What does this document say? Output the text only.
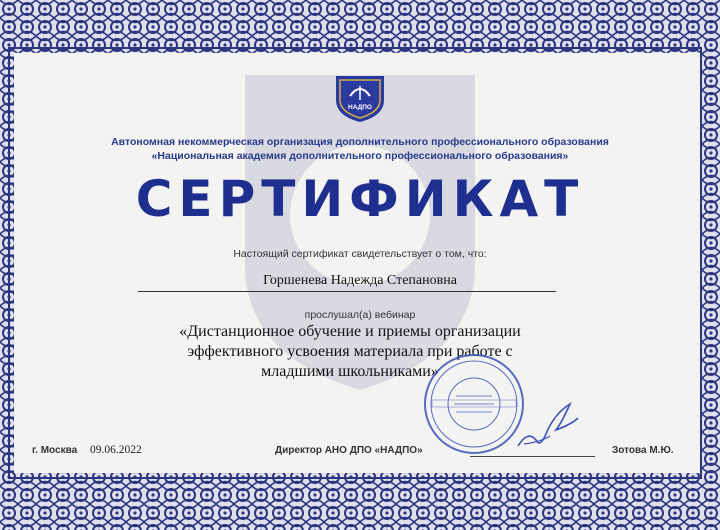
НАДПО
Автономная некоммерческая организация дополнительного профессионального образования
«Национальная академия дополнительного профессионального образования»
СЕРТИФИКАТ
Настоящий сертификат свидетельствует о том, что:
Горшенева Надежда Степановна
прослушал(а) вебинар
«Дистанционное обучение и приемы организации эффективного усвоения материала при работе с младшими школьниками»
г. Москва 09.06.2022	Директор АНО ДПО «НАДПО»	Зотова М.Ю.
